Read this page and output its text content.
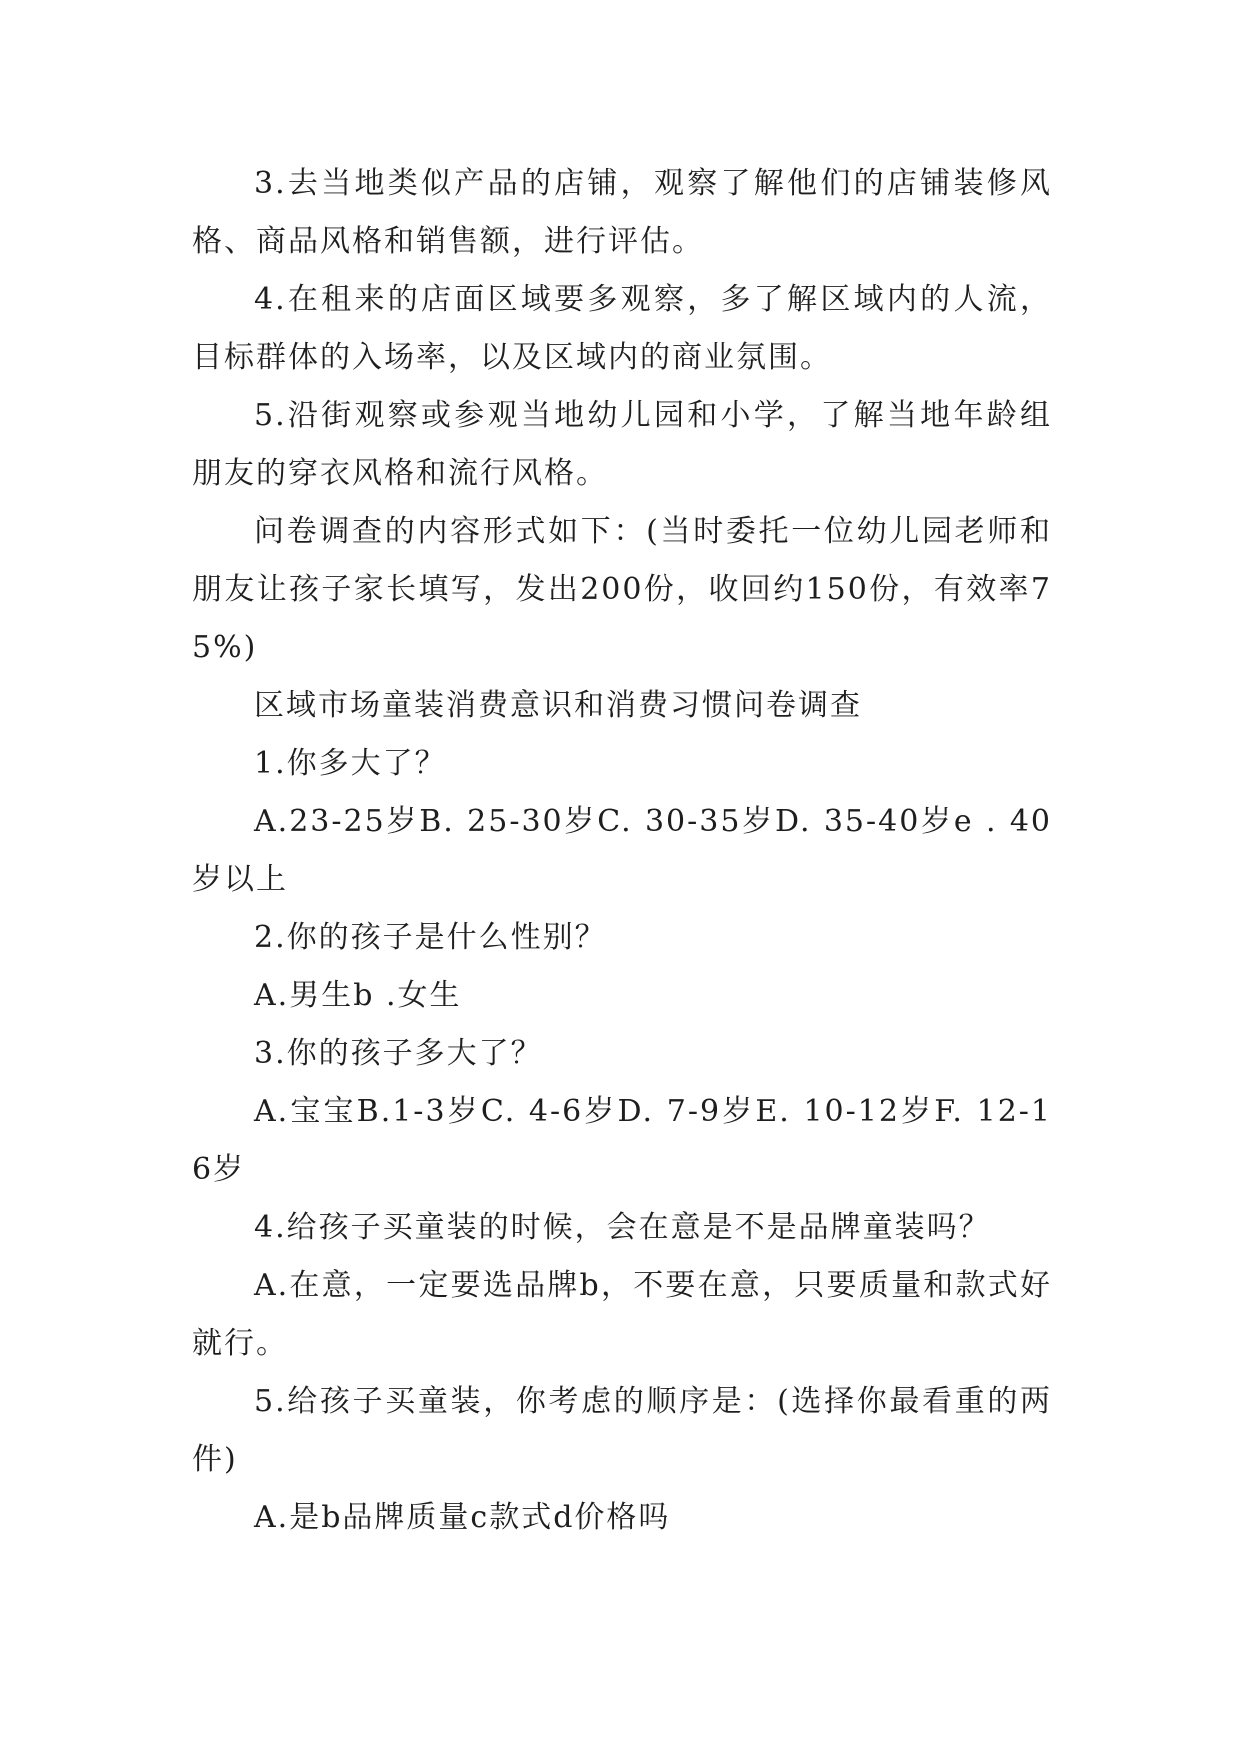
3.去当地类似产品的店铺，观察了解他们的店铺装修风格、商品风格和销售额，进行评估。

4.在租来的店面区域要多观察，多了解区域内的人流，目标群体的入场率，以及区域内的商业氛围。

5.沿街观察或参观当地幼儿园和小学，了解当地年龄组朋友的穿衣风格和流行风格。

问卷调查的内容形式如下：(当时委托一位幼儿园老师和朋友让孩子家长填写，发出200份，收回约150份，有效率75%)

区域市场童装消费意识和消费习惯问卷调查

1.你多大了？

A.23-25岁B. 25-30岁C. 30-35岁D. 35-40岁e . 40岁以上

2.你的孩子是什么性别？

A.男生b .女生

3.你的孩子多大了？

A.宝宝B.1-3岁C. 4-6岁D. 7-9岁E. 10-12岁F. 12-16岁

4.给孩子买童装的时候，会在意是不是品牌童装吗？

A.在意，一定要选品牌b，不要在意，只要质量和款式好就行。

5.给孩子买童装，你考虑的顺序是：(选择你最看重的两件)

A.是b品牌质量c款式d价格吗
